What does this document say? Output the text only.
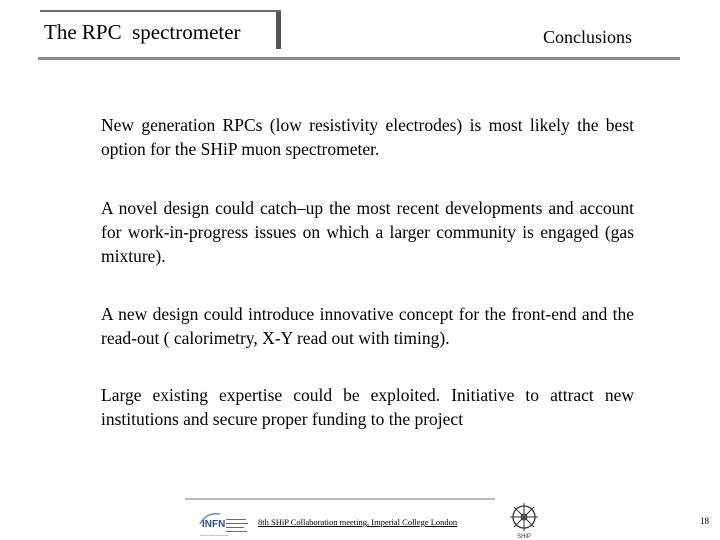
The RPC  spectrometer	Conclusions
New generation RPCs (low resistivity electrodes) is most likely the best option for the SHiP muon spectrometer.
A novel design could catch–up the most recent developments and account for work-in-progress issues on which a larger community is engaged (gas mixture).
A new design could introduce innovative concept for the front-end and the read-out ( calorimetry, X-Y read out with timing).
Large existing expertise could be exploited. Initiative to attract new institutions and secure proper funding to the project
INFN
Istituto Nazionale di Fisica Nucleare
8th SHiP Collaboration meeting, Imperial College London
SHiP
18
